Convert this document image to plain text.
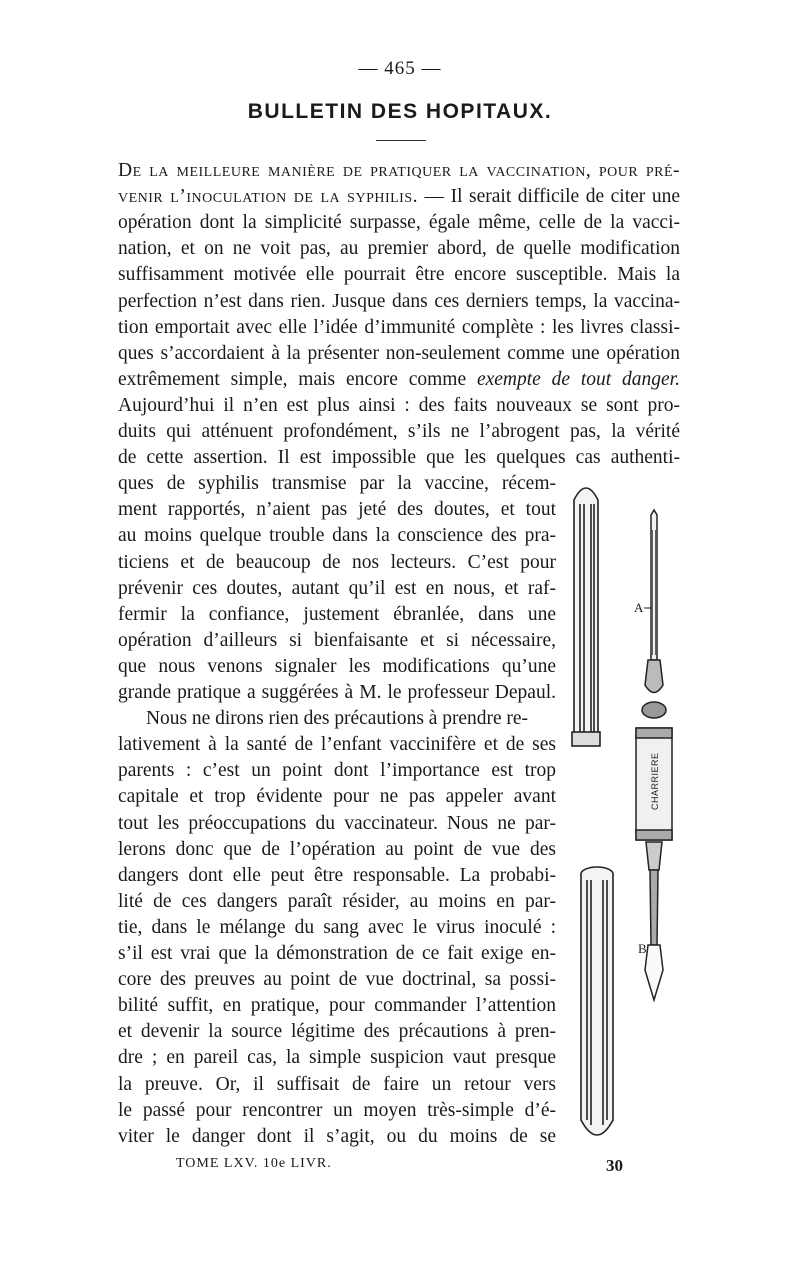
— 465 —
BULLETIN DES HOPITAUX.
De la meilleure manière de pratiquer la vaccination, pour pré-
venir l’inoculation de la syphilis. — Il serait difficile de citer une
opération dont la simplicité surpasse, égale même, celle de la vacci-
nation, et on ne voit pas, au premier abord, de quelle modification
suffisamment motivée elle pourrait être encore susceptible. Mais la
perfection n’est dans rien. Jusque dans ces derniers temps, la vaccina-
tion emportait avec elle l’idée d’immunité complète : les livres classi-
ques s’accordaient à la présenter non-seulement comme une opération
extrêmement simple, mais encore comme exempte de tout danger.
Aujourd’hui il n’en est plus ainsi : des faits nouveaux se sont pro-
duits qui atténuent profondément, s’ils ne l’abrogent pas, la vérité
de cette assertion. Il est impossible que les quelques cas authenti-
ques de syphilis transmise par la vaccine, récem-
ment rapportés, n’aient pas jeté des doutes, et tout
au moins quelque trouble dans la conscience des pra-
ticiens et de beaucoup de nos lecteurs. C’est pour
prévenir ces doutes, autant qu’il est en nous, et raf-
fermir la confiance, justement ébranlée, dans une
opération d’ailleurs si bienfaisante et si nécessaire,
que nous venons signaler les modifications qu’une
grande pratique a suggérées à M. le professeur Depaul.
Nous ne dirons rien des précautions à prendre re-
lativement à la santé de l’enfant vaccinifère et de ses
parents : c’est un point dont l’importance est trop
capitale et trop évidente pour ne pas appeler avant
tout les préoccupations du vaccinateur. Nous ne par-
lerons donc que de l’opération au point de vue des
dangers dont elle peut être responsable. La probabi-
lité de ces dangers paraît résider, au moins en par-
tie, dans le mélange du sang avec le virus inoculé :
s’il est vrai que la démonstration de ce fait exige en-
core des preuves au point de vue doctrinal, sa possi-
bilité suffit, en pratique, pour commander l’attention
et devenir la source légitime des précautions à pren-
dre ; en pareil cas, la simple suspicion vaut presque
la preuve. Or, il suffisait de faire un retour vers
le passé pour rencontrer un moyen très-simple d’é-
viter le danger dont il s’agit, ou du moins de se
CHARRIERE
A
B
TOME LXV. 10e LIVR.	30
